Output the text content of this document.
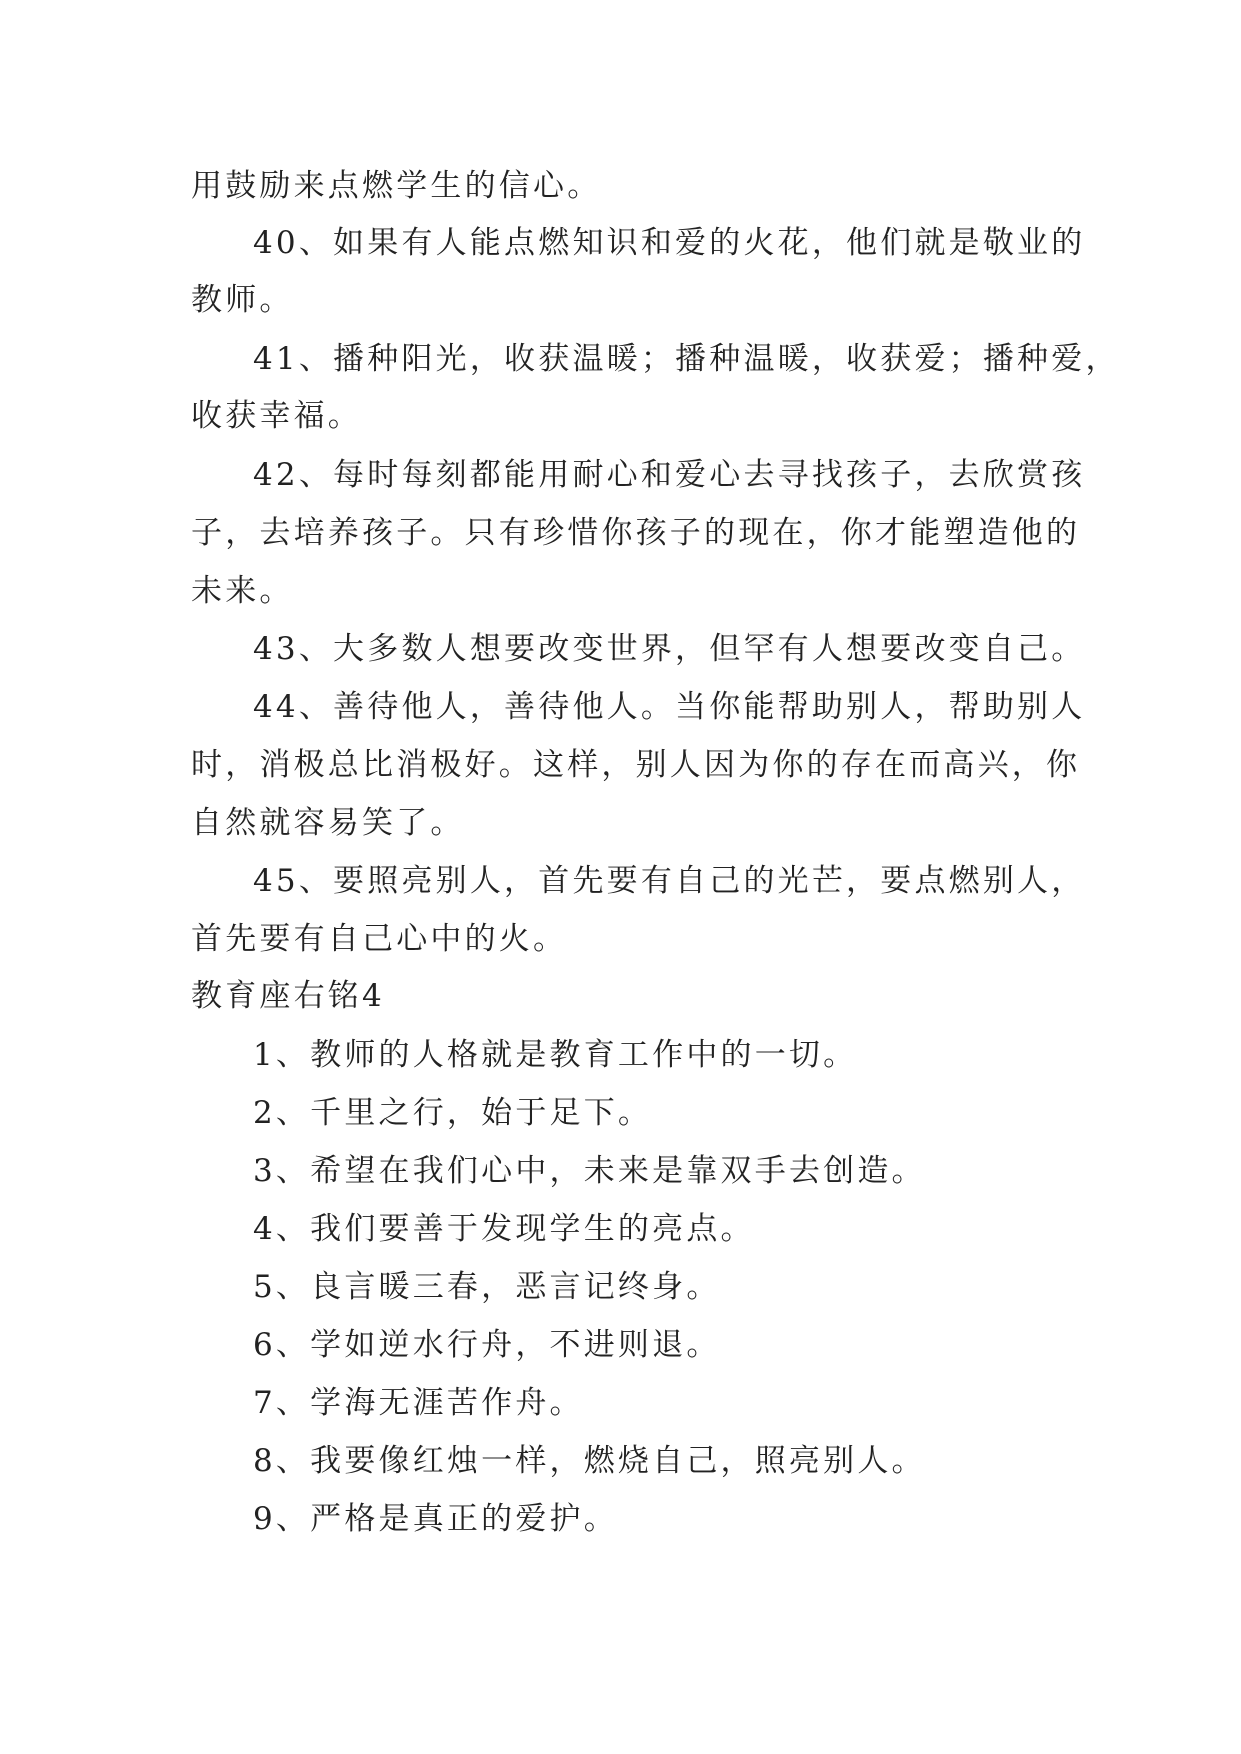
用鼓励来点燃学生的信心。
40、如果有人能点燃知识和爱的火花，他们就是敬业的
教师。
41、播种阳光，收获温暖；播种温暖，收获爱；播种爱，
收获幸福。
42、每时每刻都能用耐心和爱心去寻找孩子，去欣赏孩
子，去培养孩子。只有珍惜你孩子的现在，你才能塑造他的
未来。
43、大多数人想要改变世界，但罕有人想要改变自己。
44、善待他人，善待他人。当你能帮助别人，帮助别人
时，消极总比消极好。这样，别人因为你的存在而高兴，你
自然就容易笑了。
45、要照亮别人，首先要有自己的光芒，要点燃别人，
首先要有自己心中的火。
教育座右铭4
1、教师的人格就是教育工作中的一切。
2、千里之行，始于足下。
3、希望在我们心中，未来是靠双手去创造。
4、我们要善于发现学生的亮点。
5、良言暖三春，恶言记终身。
6、学如逆水行舟，不进则退。
7、学海无涯苦作舟。
8、我要像红烛一样，燃烧自己，照亮别人。
9、严格是真正的爱护。
